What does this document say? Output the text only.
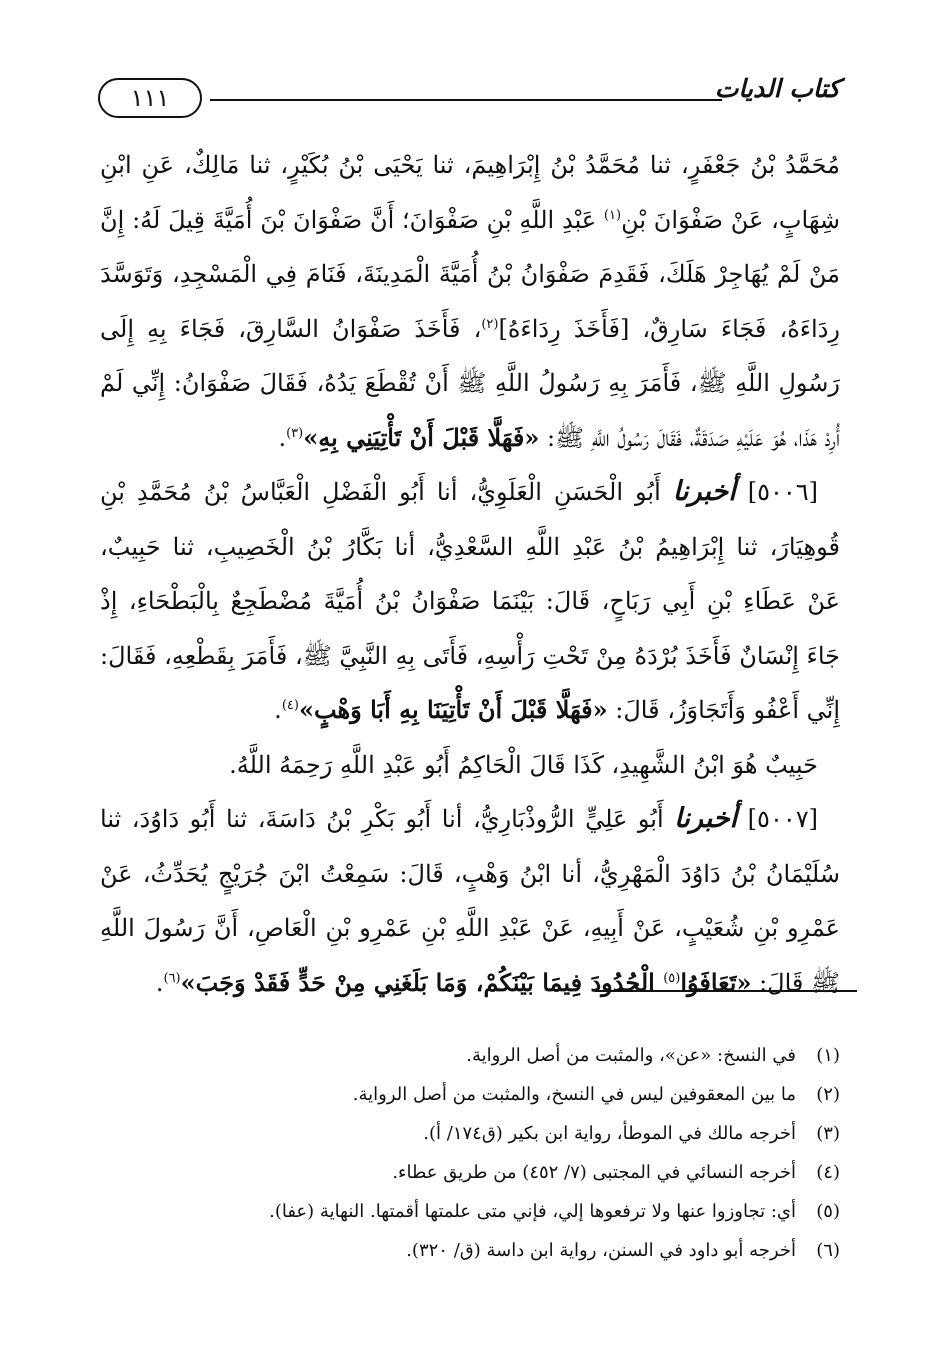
كتاب الديات
١١١
مُحَمَّدُ بْنُ جَعْفَرٍ، ثنا مُحَمَّدُ بْنُ إِبْرَاهِيمَ، ثنا يَحْيَى بْنُ بُكَيْرٍ، ثنا مَالِكٌ، عَنِ ابْنِ
شِهَابٍ، عَنْ صَفْوَانَ بْنِ$^{(١)}$ عَبْدِ اللَّهِ بْنِ صَفْوَانَ؛ أَنَّ صَفْوَانَ بْنَ أُمَيَّةَ قِيلَ لَهُ: إِنَّ
مَنْ لَمْ يُهَاجِرْ هَلَكَ، فَقَدِمَ صَفْوَانُ بْنُ أُمَيَّةَ الْمَدِينَةَ، فَنَامَ فِي الْمَسْجِدِ، وَتَوَسَّدَ
رِدَاءَهُ، فَجَاءَ سَارِقٌ، [فَأَخَذَ رِدَاءَهُ]$^{(٢)}$، فَأَخَذَ صَفْوَانُ السَّارِقَ، فَجَاءَ بِهِ إِلَى
رَسُولِ اللَّهِ ﷺ، فَأَمَرَ بِهِ رَسُولُ اللَّهِ ﷺ أَنْ تُقْطَعَ يَدُهُ، فَقَالَ صَفْوَانُ: إِنِّي لَمْ
أُرِدْ هَذَا، هُوَ عَلَيْهِ صَدَقَةٌ، فَقَالَ رَسُولُ اللَّهِ ﷺ: «فَهَلَّا قَبْلَ أَنْ تَأْتِيَنِي بِهِ»$^{(٣)}$.
[٥٠٠٦] أخبرنا أَبُو الْحَسَنِ الْعَلَوِيُّ، أنا أَبُو الْفَضْلِ الْعَبَّاسُ بْنُ مُحَمَّدِ بْنِ
قُوهِيَارَ، ثنا إِبْرَاهِيمُ بْنُ عَبْدِ اللَّهِ السَّعْدِيُّ، أنا بَكَّارُ بْنُ الْخَصِيبِ، ثنا حَبِيبٌ،
عَنْ عَطَاءِ بْنِ أَبِي رَبَاحٍ، قَالَ: بَيْنَمَا صَفْوَانُ بْنُ أُمَيَّةَ مُضْطَجِعٌ بِالْبَطْحَاءِ، إِذْ
جَاءَ إِنْسَانٌ فَأَخَذَ بُرْدَهُ مِنْ تَحْتِ رَأْسِهِ، فَأَتَى بِهِ النَّبِيَّ ﷺ، فَأَمَرَ بِقَطْعِهِ، فَقَالَ:
إِنِّي أَعْفُو وَأَتَجَاوَزُ، قَالَ: «فَهَلَّا قَبْلَ أَنْ تَأْتِيَنَا بِهِ أَبَا وَهْبٍ»$^{(٤)}$.
حَبِيبٌ هُوَ ابْنُ الشَّهِيدِ، كَذَا قَالَ الْحَاكِمُ أَبُو عَبْدِ اللَّهِ رَحِمَهُ اللَّهُ.
[٥٠٠٧] أخبرنا أَبُو عَلِيٍّ الرُّوذْبَارِيُّ، أنا أَبُو بَكْرِ بْنُ دَاسَةَ، ثنا أَبُو دَاوُدَ، ثنا
سُلَيْمَانُ بْنُ دَاوُدَ الْمَهْرِيُّ، أنا ابْنُ وَهْبٍ، قَالَ: سَمِعْتُ ابْنَ جُرَيْجٍ يُحَدِّثُ، عَنْ
عَمْرِو بْنِ شُعَيْبٍ، عَنْ أَبِيهِ، عَنْ عَبْدِ اللَّهِ بْنِ عَمْرِو بْنِ الْعَاصِ، أَنَّ رَسُولَ اللَّهِ
ﷺ قَالَ: «تَعَافَوُا$^{(٥)}$ الْحُدُودَ فِيمَا بَيْنَكُمْ، وَمَا بَلَغَنِي مِنْ حَدٍّ فَقَدْ وَجَبَ»$^{(٦)}$.
(١)في النسخ: «عن»، والمثبت من أصل الرواية.
(٢)ما بين المعقوفين ليس في النسخ، والمثبت من أصل الرواية.
(٣)أخرجه مالك في الموطأ، رواية ابن بكير (ق١٧٤/ أ).
(٤)أخرجه النسائي في المجتبى (٧/ ٤٥٢) من طريق عطاء.
(٥)أي: تجاوزوا عنها ولا ترفعوها إلي، فإني متى علمتها أقمتها. النهاية (عفا).
(٦)أخرجه أبو داود في السنن، رواية ابن داسة (ق/ ٣٢٠).
